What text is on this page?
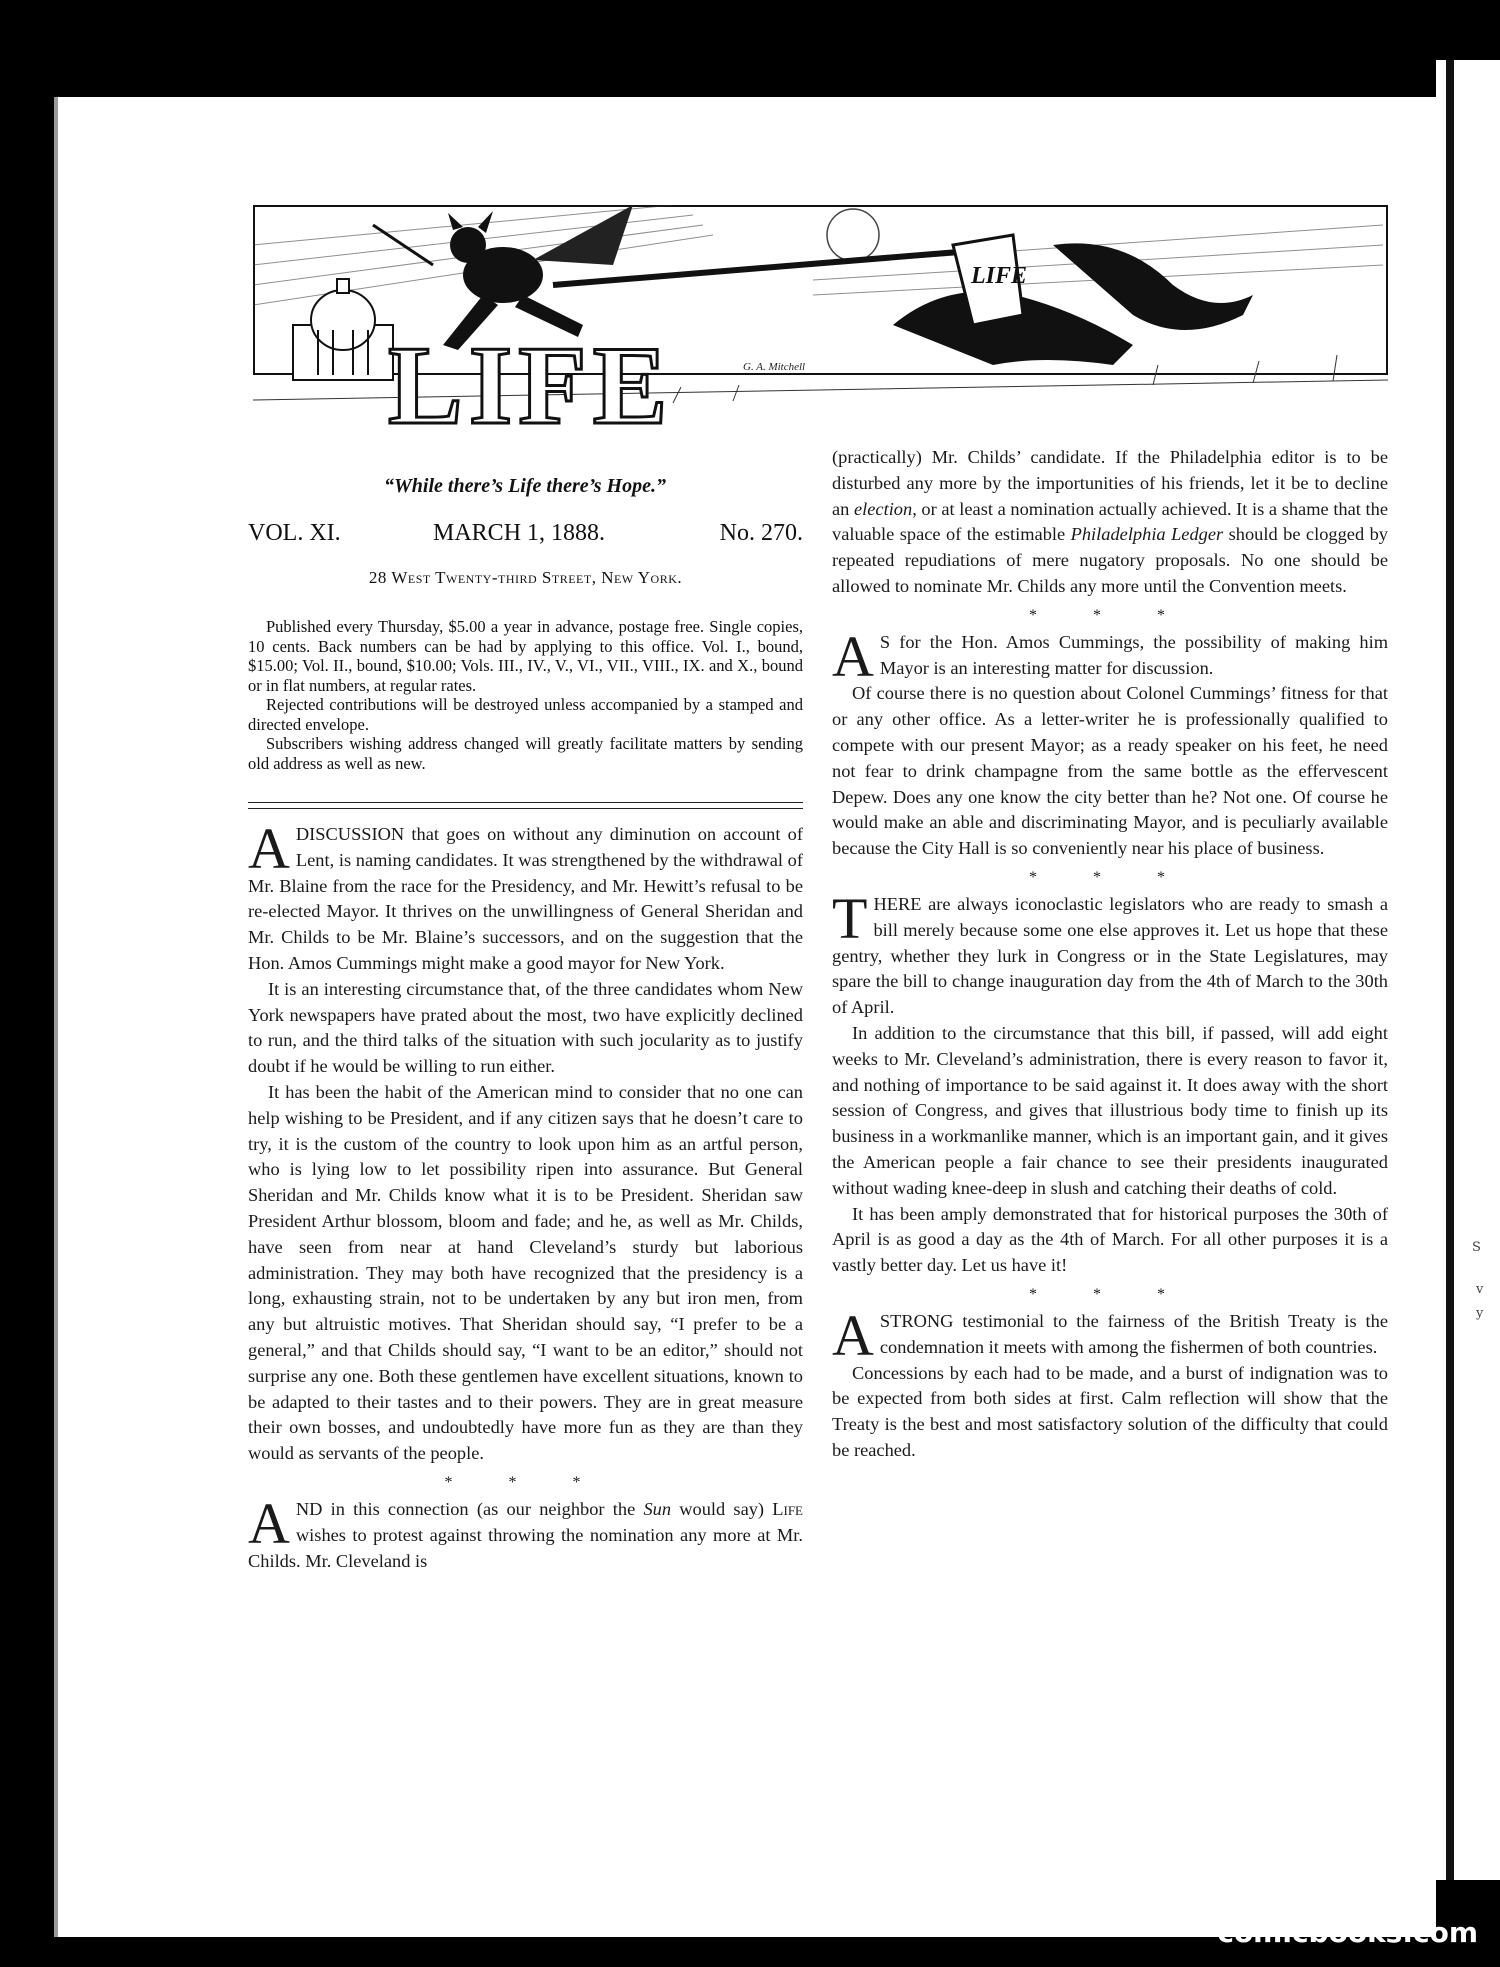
S
v
y
LIFE
LIFE	G. A. Mitchell
“While there’s Life there’s Hope.”
VOL. XI.	MARCH 1, 1888.	No. 270.
28 West Twenty-third Street, New York.

Published every Thursday, $5.00 a year in advance, postage free. Single copies, 10 cents. Back numbers can be had by applying to this office. Vol. I., bound, $15.00; Vol. II., bound, $10.00; Vols. III., IV., V., VI., VII., VIII., IX. and X., bound or in flat numbers, at regular rates.

Rejected contributions will be destroyed unless accompanied by a stamped and directed envelope.

Subscribers wishing address changed will greatly facilitate matters by sending old address as well as new.

ADISCUSSION that goes on without any diminution on account of Lent, is naming candidates. It was strengthened by the withdrawal of Mr. Blaine from the race for the Presidency, and Mr. Hewitt’s refusal to be re-elected Mayor. It thrives on the unwillingness of General Sheridan and Mr. Childs to be Mr. Blaine’s successors, and on the suggestion that the Hon. Amos Cummings might make a good mayor for New York.

It is an interesting circumstance that, of the three candidates whom New York newspapers have prated about the most, two have explicitly declined to run, and the third talks of the situation with such jocularity as to justify doubt if he would be willing to run either.

It has been the habit of the American mind to consider that no one can help wishing to be President, and if any citizen says that he doesn’t care to try, it is the custom of the country to look upon him as an artful person, who is lying low to let possibility ripen into assurance. But General Sheridan and Mr. Childs know what it is to be President. Sheridan saw President Arthur blossom, bloom and fade; and he, as well as Mr. Childs, have seen from near at hand Cleveland’s sturdy but laborious administration. They may both have recognized that the presidency is a long, exhausting strain, not to be undertaken by any but iron men, from any but altruistic motives. That Sheridan should say, “I prefer to be a general,” and that Childs should say, “I want to be an editor,” should not surprise any one. Both these gentlemen have excellent situations, known to be adapted to their tastes and to their powers. They are in great measure their own bosses, and undoubtedly have more fun as they are than they would as servants of the people.

* * *

AND in this connection (as our neighbor the Sun would say) Life wishes to protest against throwing the nomination any more at Mr. Childs. Mr. Cleveland is

(practically) Mr. Childs’ candidate. If the Philadelphia editor is to be disturbed any more by the importunities of his friends, let it be to decline an election, or at least a nomination actually achieved. It is a shame that the valuable space of the estimable Philadelphia Ledger should be clogged by repeated repudiations of mere nugatory proposals. No one should be allowed to nominate Mr. Childs any more until the Convention meets.

* * *

A S for the Hon. Amos Cummings, the possibility of making him Mayor is an interesting matter for discussion.

Of course there is no question about Colonel Cummings’ fitness for that or any other office. As a letter-writer he is professionally qualified to compete with our present Mayor; as a ready speaker on his feet, he need not fear to drink champagne from the same bottle as the effervescent Depew. Does any one know the city better than he? Not one. Of course he would make an able and discriminating Mayor, and is peculiarly available because the City Hall is so conveniently near his place of business.

* * *

THERE are always iconoclastic legislators who are ready to smash a bill merely because some one else approves it. Let us hope that these gentry, whether they lurk in Congress or in the State Legislatures, may spare the bill to change inauguration day from the 4th of March to the 30th of April.

In addition to the circumstance that this bill, if passed, will add eight weeks to Mr. Cleveland’s administration, there is every reason to favor it, and nothing of importance to be said against it. It does away with the short session of Congress, and gives that illustrious body time to finish up its business in a workmanlike manner, which is an important gain, and it gives the American people a fair chance to see their presidents inaugurated without wading knee-deep in slush and catching their deaths of cold.

It has been amply demonstrated that for historical purposes the 30th of April is as good a day as the 4th of March. For all other purposes it is a vastly better day. Let us have it!

* * *

ASTRONG testimonial to the fairness of the British Treaty is the condemnation it meets with among the fishermen of both countries.

Concessions by each had to be made, and a burst of indignation was to be expected from both sides at first. Calm reflection will show that the Treaty is the best and most satisfactory solution of the difficulty that could be reached.

comicbooks.com
